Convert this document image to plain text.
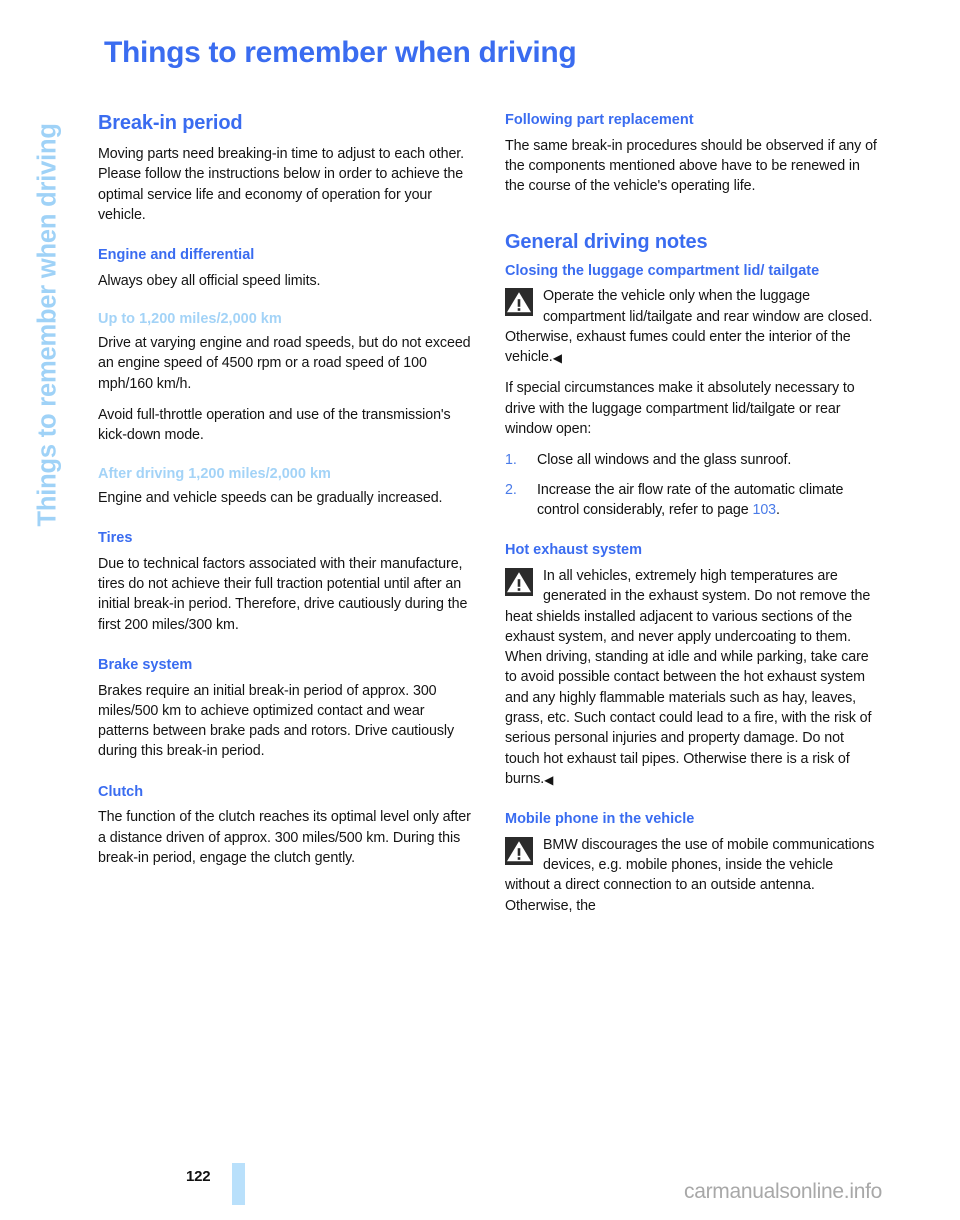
Things to remember when driving
Things to remember when driving
Break-in period

Moving parts need breaking-in time to adjust to each other. Please follow the instructions below in order to achieve the optimal service life and economy of operation for your vehicle.

Engine and differential

Always obey all official speed limits.

Up to 1,200 miles/2,000 km

Drive at varying engine and road speeds, but do not exceed an engine speed of 4500 rpm or a road speed of 100 mph/160 km/h.

Avoid full-throttle operation and use of the transmission's kick-down mode.

After driving 1,200 miles/2,000 km

Engine and vehicle speeds can be gradually increased.

Tires

Due to technical factors associated with their manufacture, tires do not achieve their full traction potential until after an initial break-in period. Therefore, drive cautiously during the first 200 miles/300 km.

Brake system

Brakes require an initial break-in period of approx. 300 miles/500 km to achieve optimized contact and wear patterns between brake pads and rotors. Drive cautiously during this break-in period.

Clutch

The function of the clutch reaches its optimal level only after a distance driven of approx. 300 miles/500 km. During this break-in period, engage the clutch gently.

Following part replacement

The same break-in procedures should be observed if any of the components mentioned above have to be renewed in the course of the vehicle's operating life.

General driving notes
Closing the luggage compartment lid/ tailgate
Operate the vehicle only when the luggage compartment lid/tailgate and rear window are closed. Otherwise, exhaust fumes could enter the interior of the vehicle.◀

If special circumstances make it absolutely necessary to drive with the luggage compartment lid/tailgate or rear window open:

1. Close all windows and the glass sunroof.
2. Increase the air flow rate of the automatic climate control considerably, refer to page 103.
Hot exhaust system
In all vehicles, extremely high temperatures are generated in the exhaust system. Do not remove the heat shields installed adjacent to various sections of the exhaust system, and never apply undercoating to them. When driving, standing at idle and while parking, take care to avoid possible contact between the hot exhaust system and any highly flammable materials such as hay, leaves, grass, etc. Such contact could lead to a fire, with the risk of serious personal injuries and property damage. Do not touch hot exhaust tail pipes. Otherwise there is a risk of burns.◀
Mobile phone in the vehicle
BMW discourages the use of mobile communications devices, e.g. mobile phones, inside the vehicle without a direct connection to an outside antenna. Otherwise, the
122
carmanualsonline.info
